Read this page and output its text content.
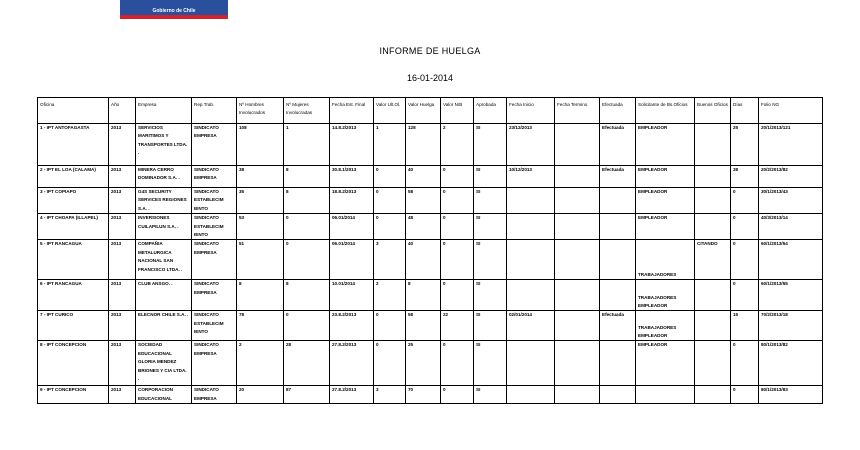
Gobierno de Chile
INFORME DE HUELGA
16-01-2014
Oficina	Año	Empresa	Rep.Trab.	Nº Hombres Involucrados	Nº Mujeres Involucradas	Fecha Est. Final	Valor Ult.Ol.	Valor Huelga	Valor N/B	Aprobada	Fecha Inicio	Fecha Termino	Efectuada	Solicitante de Bs.Oficios	Buenos Oficios	Días	Folio NG
1 - IPT ANTOFAGASTA	2013	SERVICIOS MARITIMOS Y TRANSPORTES LTDA. .	SINDICATO EMPRESA	108	1	14.8.2/2013	1	128	2	SI	23/12/2013		Efectuada	EMPLEADOR		25	20/1/2013/121
2 - IPT EL LOA (CALAMA)	2013	MINERA CERRO DOMINADOR S.A. .	SINDICATO EMPRESA	38	8	30.8.1/2013	0	40	0	SI	10/12/2013		Efectuada	EMPLEADOR		38	20/2/2013/82
3 - IPT COPIAPO	2013	G4S SECURITY SERVICES REGIONES S.A. .	SINDICATO ESTABLECIM IENTO	35	8	18.8.2/2013	0	58	0	SI				EMPLEADOR		0	30/1/2013/43
4 - IPT CHOAPA (ILLAPEL)	2013	INVERSIONES CUILAPILUN S.A. .	SINDICATO ESTABLECIM IENTO	53	0	06.01/2014	0	48	0	SI				EMPLEADOR		0	40/3/2013/14
5 - IPT RANCAGUA	2013	COMPAÑIA METALURGICA NACIONAL SAN FRANCISCO LTDA. .	SINDICATO EMPRESA	51	0	06.01/2014	3	40	0	SI				TRABAJADORES	CITANDO	0	60/1/2013/54
6 - IPT RANCAGUA	2013	CLUB ANSGO. .	SINDICATO EMPRESA	8	8	10.01/2014	2	8	0	SI				TRABAJADORES EMPLEADOR		0	60/1/2013/55
7 - IPT CURICO	2013	ELECNOR CHILE S.A. .	SINDICATO ESTABLECIM IENTO	78	0	23.8.2/2013	0	58	22	SI	02/01/2014		Efectuada	TRABAJADORES EMPLEADOR		15	70/2/2013/18
8 - IPT CONCEPCION	2013	SOCIEDAD EDUCACIONAL GLORIA MENDEZ BRIONES Y CIA LTDA. .	SINDICATO EMPRESA	2	28	27.8.2/2013	0	25	0	SI				EMPLEADOR		0	80/1/2013/82
9 - IPT CONCEPCION	2013	CORPORACION EDUCACIONAL	SINDICATO EMPRESA	20	87	27.8.2/2013	3	70	0	SI						0	80/1/2013/83
